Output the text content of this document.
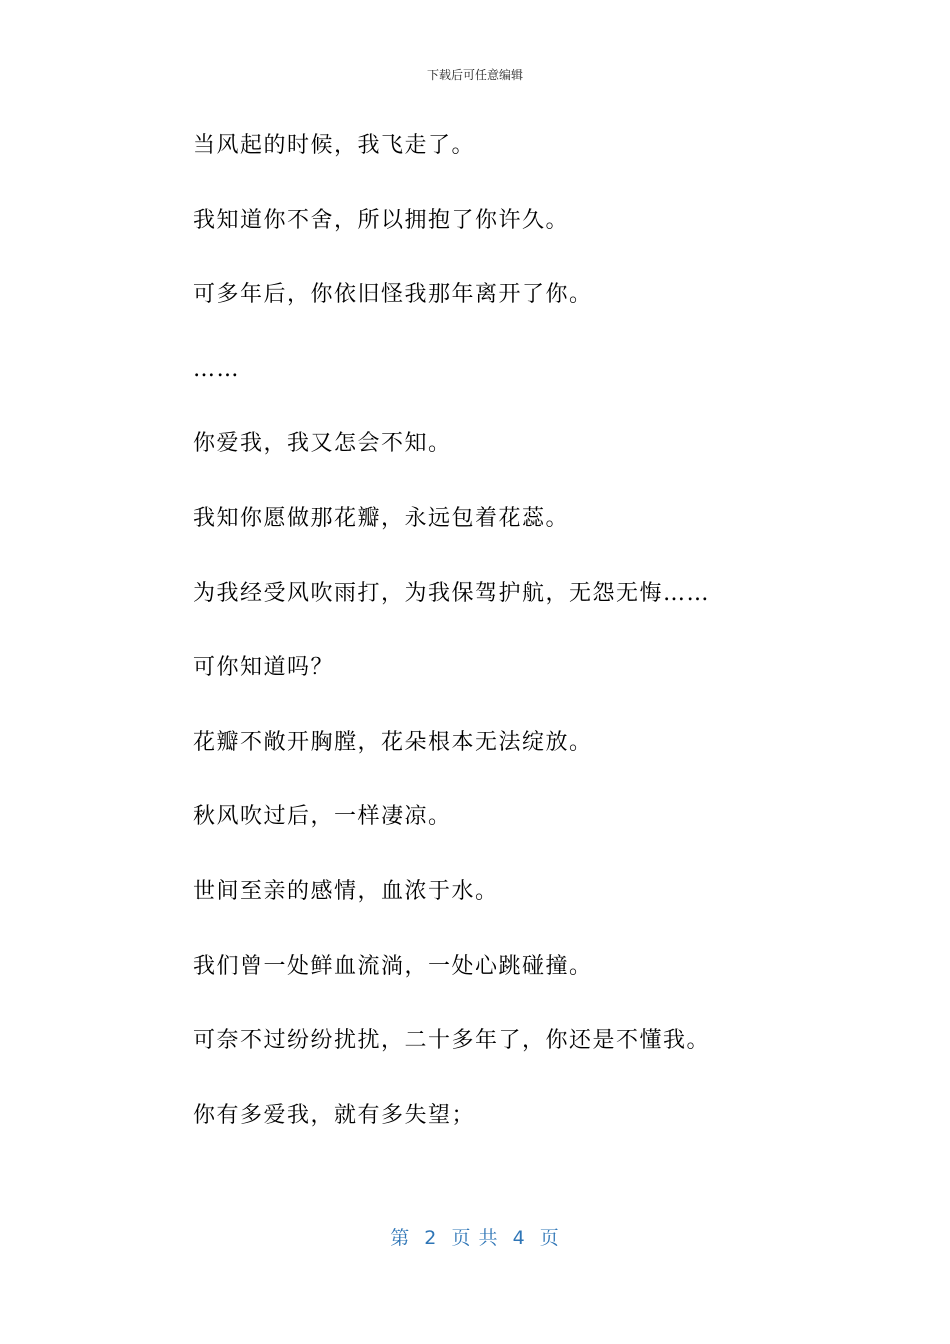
下载后可任意编辑
当风起的时候，我飞走了。
我知道你不舍，所以拥抱了你许久。
可多年后，你依旧怪我那年离开了你。
……
你爱我，我又怎会不知。
我知你愿做那花瓣，永远包着花蕊。
为我经受风吹雨打，为我保驾护航，无怨无悔……
可你知道吗？
花瓣不敞开胸膛，花朵根本无法绽放。
秋风吹过后，一样凄凉。
世间至亲的感情，血浓于水。
我们曾一处鲜血流淌，一处心跳碰撞。
可奈不过纷纷扰扰，二十多年了，你还是不懂我。
你有多爱我，就有多失望；
第  2  页 共  4  页
